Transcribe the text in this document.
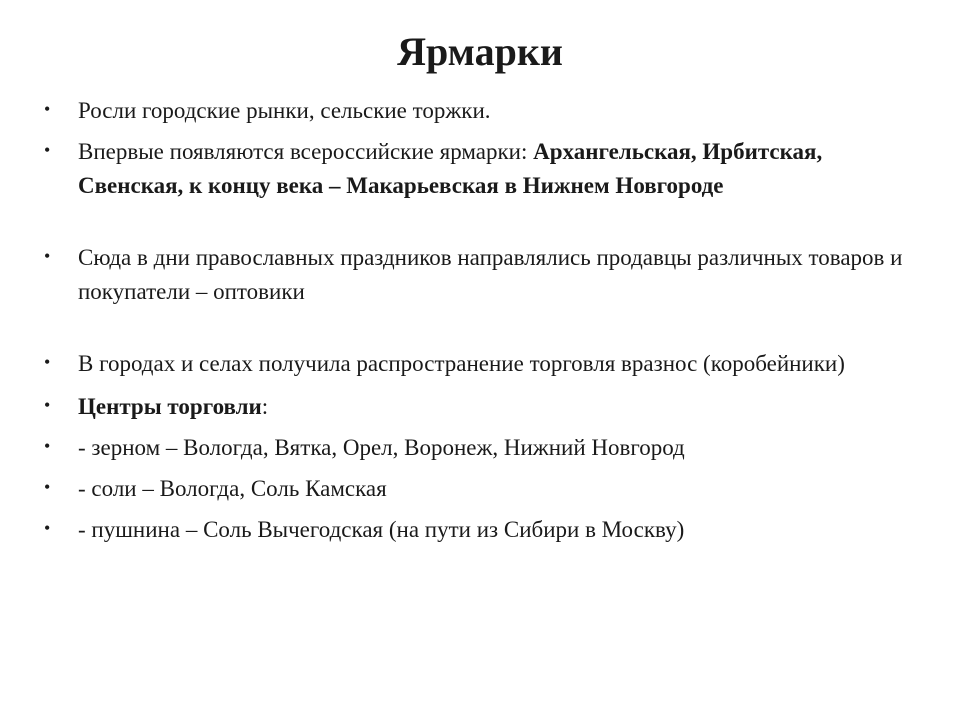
Ярмарки
• Росли городские рынки, сельские торжки.
• Впервые появляются всероссийские ярмарки: Архангельская, Ирбитская, Свенская, к концу века – Макарьевская в Нижнем Новгороде
• Сюда в дни православных праздников направлялись продавцы различных товаров и покупатели – оптовики
• В городах и селах получила распространение торговля вразнос (коробейники)
• Центры торговли:
• - зерном – Вологда, Вятка, Орел, Воронеж, Нижний Новгород
• - соли – Вологда, Соль Камская
• - пушнина – Соль Вычегодская (на пути из Сибири в Москву)
